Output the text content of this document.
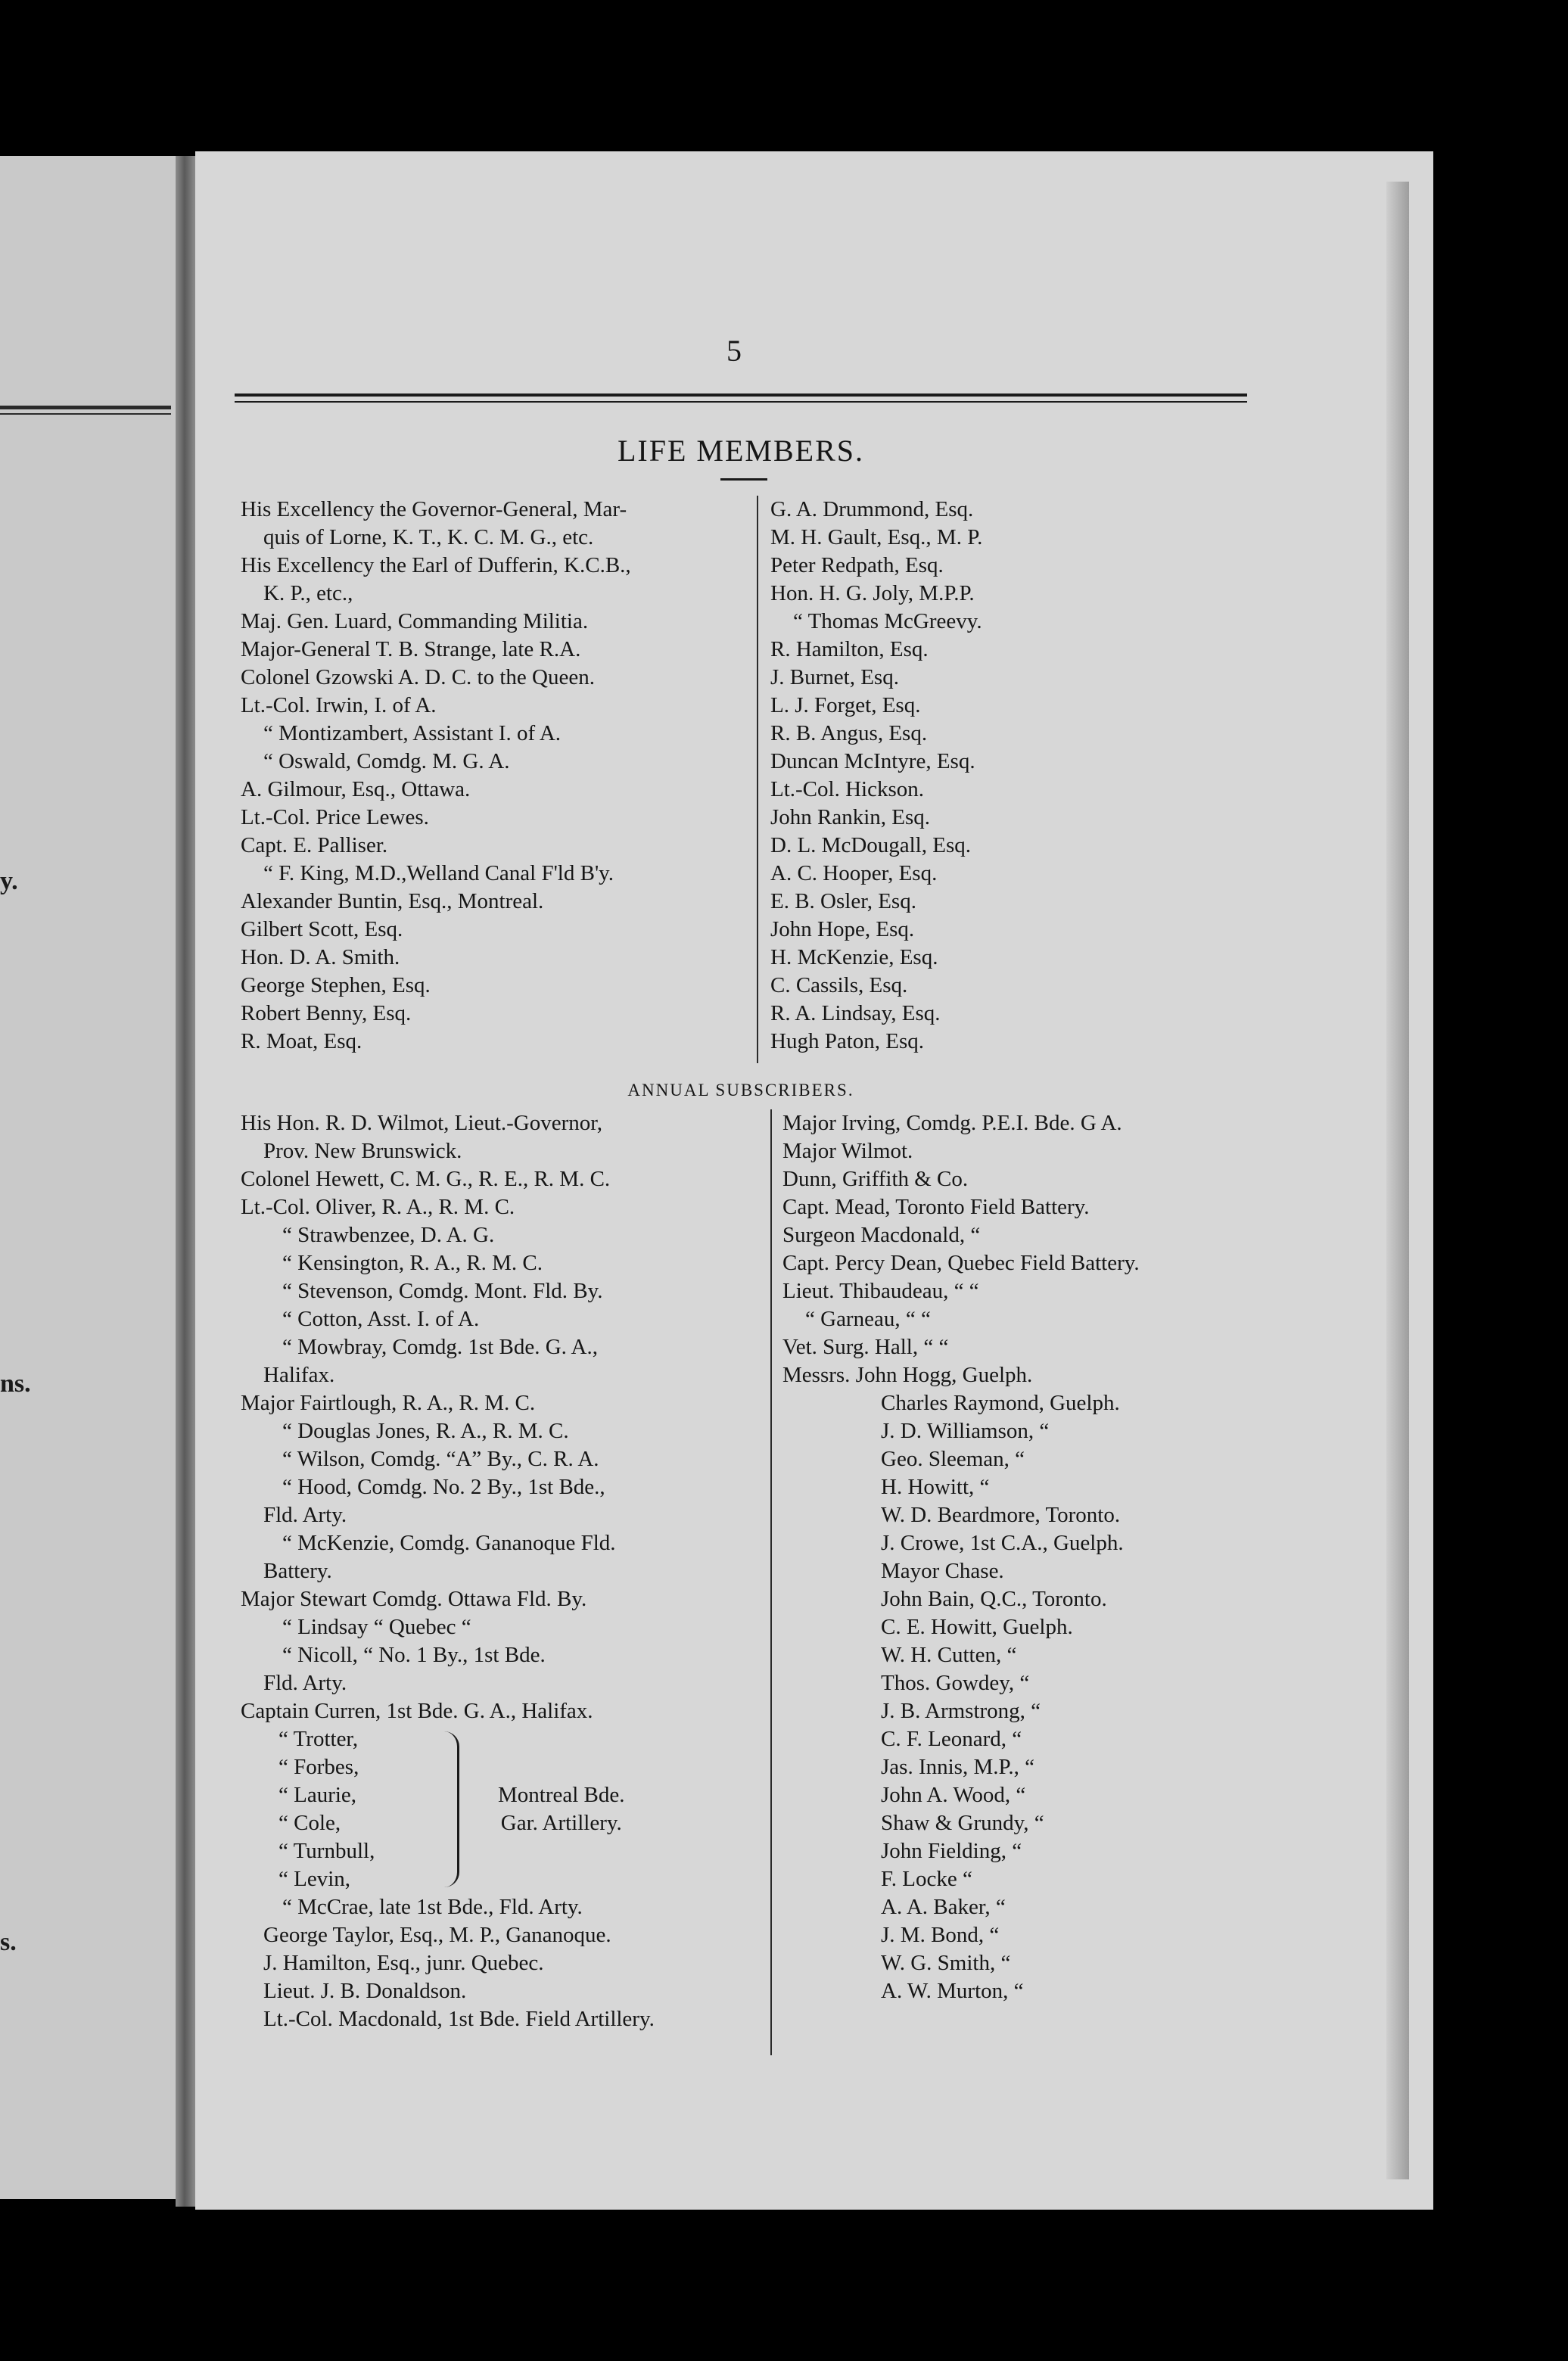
y.
ns.
s.
5
LIFE MEMBERS.
His Excellency the Governor-General, Mar-
quis of Lorne, K. T., K. C. M. G., etc.
His Excellency the Earl of Dufferin, K.C.B.,
K. P., etc.,
Maj. Gen. Luard, Commanding Militia.
Major-General T. B. Strange, late R.A.
Colonel Gzowski A. D. C. to the Queen.
Lt.-Col. Irwin, I. of A.
“ Montizambert, Assistant I. of A.
“ Oswald, Comdg. M. G. A.
A. Gilmour, Esq., Ottawa.
Lt.-Col. Price Lewes.
Capt. E. Palliser.
“ F. King, M.D.,Welland Canal F'ld B'y.
Alexander Buntin, Esq., Montreal.
Gilbert Scott, Esq.
Hon. D. A. Smith.
George Stephen, Esq.
Robert Benny, Esq.
R. Moat, Esq.
G. A. Drummond, Esq.
M. H. Gault, Esq., M. P.
Peter Redpath, Esq.
Hon. H. G. Joly, M.P.P.
“ Thomas McGreevy.
R. Hamilton, Esq.
J. Burnet, Esq.
L. J. Forget, Esq.
R. B. Angus, Esq.
Duncan McIntyre, Esq.
Lt.-Col. Hickson.
John Rankin, Esq.
D. L. McDougall, Esq.
A. C. Hooper, Esq.
E. B. Osler, Esq.
John Hope, Esq.
H. McKenzie, Esq.
C. Cassils, Esq.
R. A. Lindsay, Esq.
Hugh Paton, Esq.
ANNUAL SUBSCRIBERS.
His Hon. R. D. Wilmot, Lieut.-Governor,
Prov. New Brunswick.
Colonel Hewett, C. M. G., R. E., R. M. C.
Lt.-Col. Oliver, R. A., R. M. C.
“ Strawbenzee, D. A. G.
“ Kensington, R. A., R. M. C.
“ Stevenson, Comdg. Mont. Fld. By.
“ Cotton, Asst. I. of A.
“ Mowbray, Comdg. 1st Bde. G. A.,
Halifax.
Major Fairtlough, R. A., R. M. C.
“ Douglas Jones, R. A., R. M. C.
“ Wilson, Comdg. “A” By., C. R. A.
“ Hood, Comdg. No. 2 By., 1st Bde.,
Fld. Arty.
“ McKenzie, Comdg. Gananoque Fld.
Battery.
Major Stewart Comdg. Ottawa Fld. By.
“ Lindsay “ Quebec “
“ Nicoll, “ No. 1 By., 1st Bde.
Fld. Arty.
Captain Curren, 1st Bde. G. A., Halifax.
“ Trotter,
“ Forbes,
“ Laurie,
“ Cole,
“ Turnbull,
“ Levin,
Montreal Bde.
Gar. Artillery.
“ McCrae, late 1st Bde., Fld. Arty.
George Taylor, Esq., M. P., Gananoque.
J. Hamilton, Esq., junr. Quebec.
Lieut. J. B. Donaldson.
Lt.-Col. Macdonald, 1st Bde. Field Artillery.
Major Irving, Comdg. P.E.I. Bde. G A.
Major Wilmot.
Dunn, Griffith & Co.
Capt. Mead, Toronto Field Battery.
Surgeon Macdonald, “
Capt. Percy Dean, Quebec Field Battery.
Lieut. Thibaudeau, “ “
“ Garneau, “ “
Vet. Surg. Hall, “ “
Messrs. John Hogg, Guelph.
Charles Raymond, Guelph.
J. D. Williamson, “
Geo. Sleeman, “
H. Howitt, “
W. D. Beardmore, Toronto.
J. Crowe, 1st C.A., Guelph.
Mayor Chase.
John Bain, Q.C., Toronto.
C. E. Howitt, Guelph.
W. H. Cutten, “
Thos. Gowdey, “
J. B. Armstrong, “
C. F. Leonard, “
Jas. Innis, M.P., “
John A. Wood, “
Shaw & Grundy, “
John Fielding, “
F. Locke “
A. A. Baker, “
J. M. Bond, “
W. G. Smith, “
A. W. Murton, “
